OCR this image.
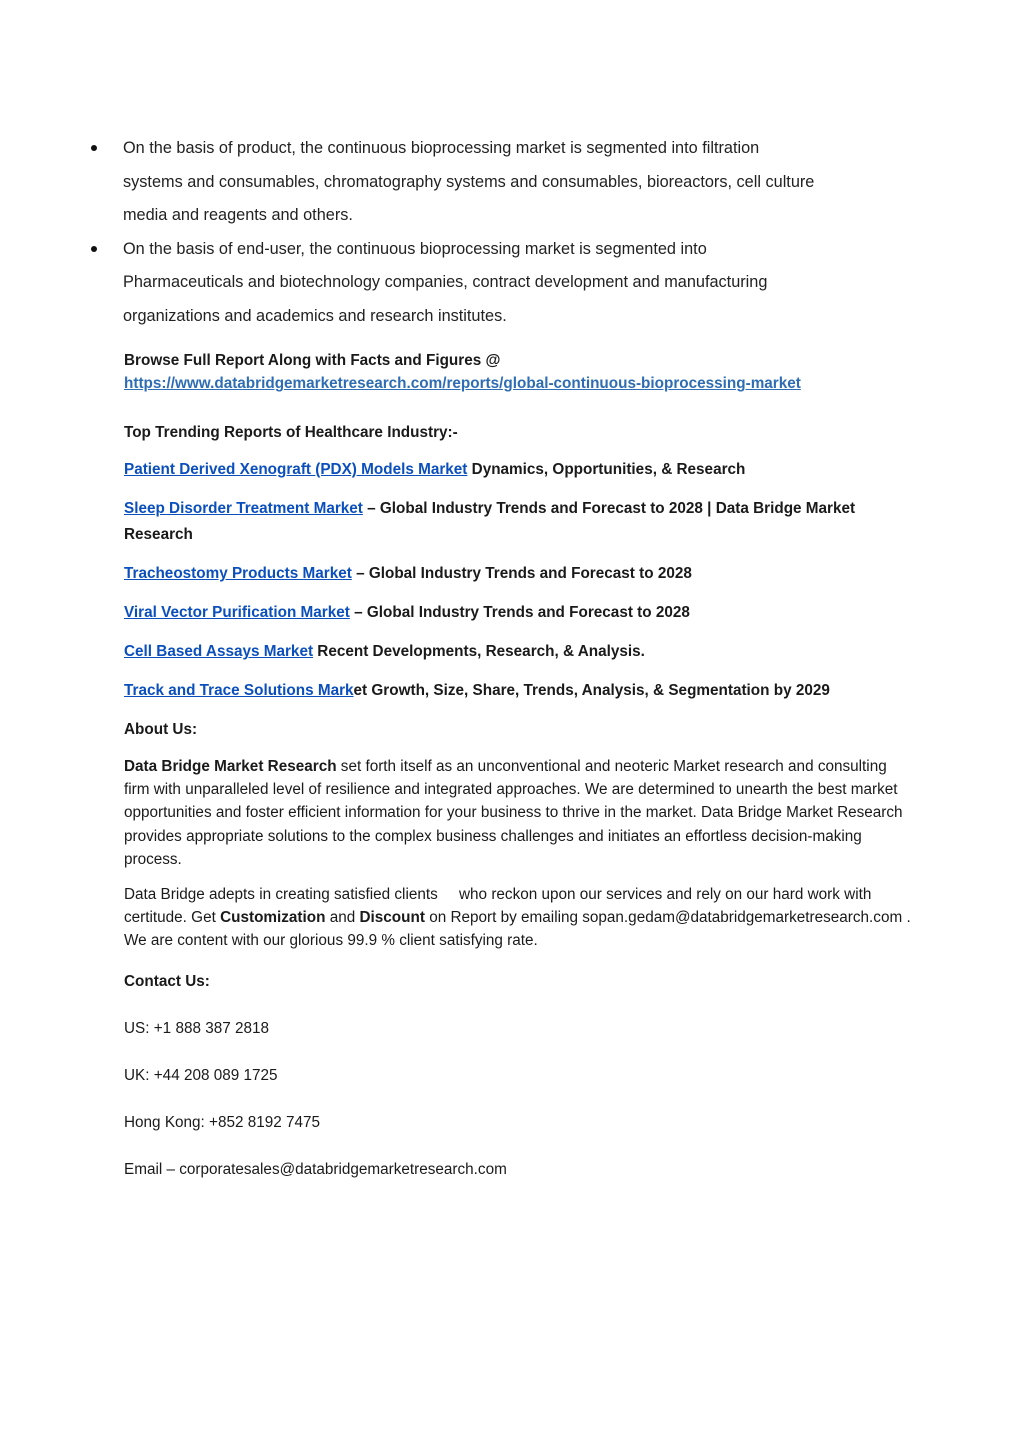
On the basis of product, the continuous bioprocessing market is segmented into filtration
systems and consumables, chromatography systems and consumables, bioreactors, cell culture
media and reagents and others.
On the basis of end-user, the continuous bioprocessing market is segmented into
Pharmaceuticals and biotechnology companies, contract development and manufacturing
organizations and academics and research institutes.

Browse Full Report Along with Facts and Figures @
https://www.databridgemarketresearch.com/reports/global-continuous-bioprocessing-market

Top Trending Reports of Healthcare Industry:-

Patient Derived Xenograft (PDX) Models Market Dynamics, Opportunities, & Research

Sleep Disorder Treatment Market – Global Industry Trends and Forecast to 2028 | Data Bridge Market Research

Tracheostomy Products Market – Global Industry Trends and Forecast to 2028

Viral Vector Purification Market – Global Industry Trends and Forecast to 2028

Cell Based Assays Market Recent Developments, Research, & Analysis.

Track and Trace Solutions Market Growth, Size, Share, Trends, Analysis, & Segmentation by 2029

About Us:

Data Bridge Market Research set forth itself as an unconventional and neoteric Market research and consulting firm with unparalleled level of resilience and integrated approaches. We are determined to unearth the best market opportunities and foster efficient information for your business to thrive in the market. Data Bridge Market Research provides appropriate solutions to the complex business challenges and initiates an effortless decision-making process.

Data Bridge adepts in creating satisfied clients     who reckon upon our services and rely on our hard work with certitude. Get Customization and Discount on Report by emailing sopan.gedam@databridgemarketresearch.com . We are content with our glorious 99.9 % client satisfying rate.

Contact Us:

US: +1 888 387 2818

UK: +44 208 089 1725

Hong Kong: +852 8192 7475

Email – corporatesales@databridgemarketresearch.com
